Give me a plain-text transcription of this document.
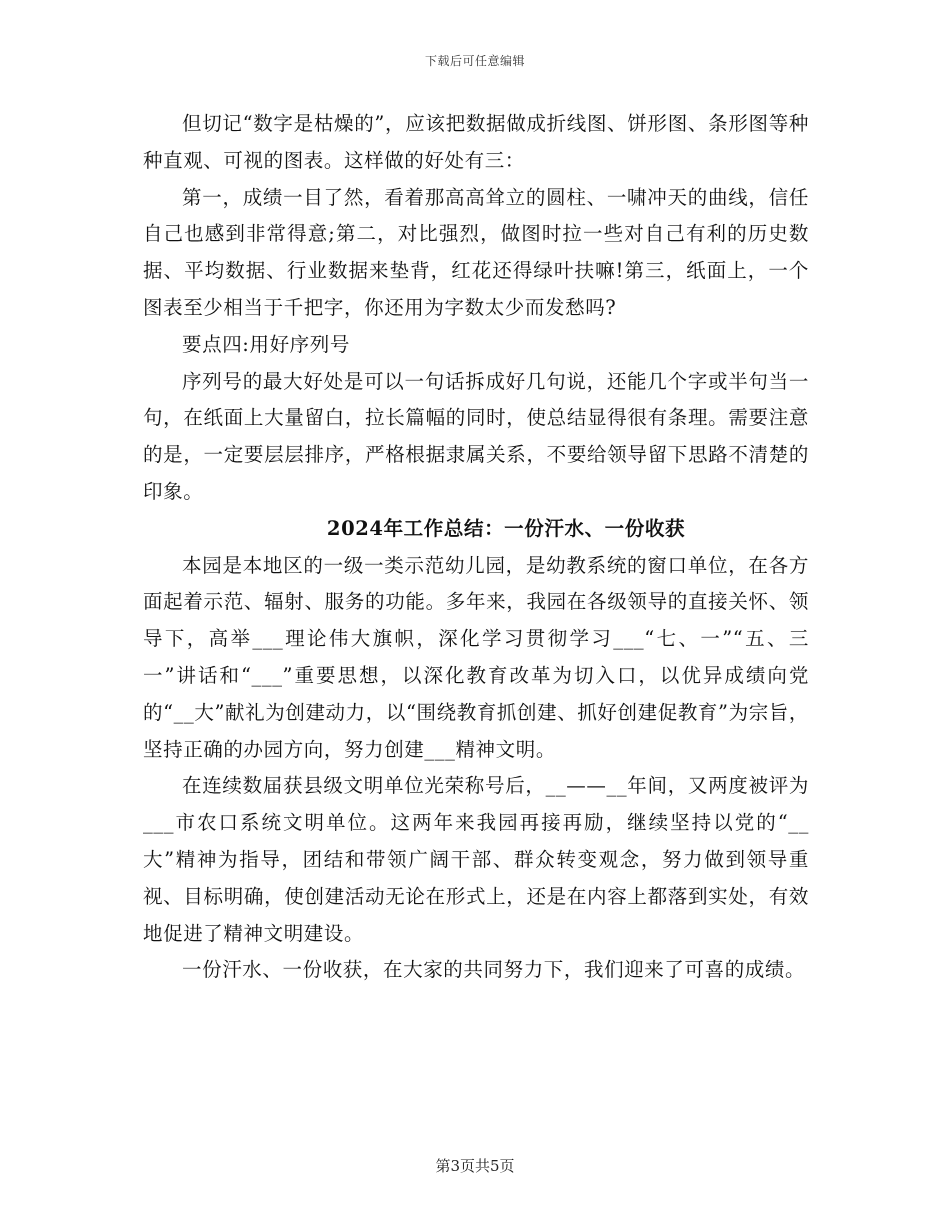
下载后可任意编辑

但切记“数字是枯燥的”，应该把数据做成折线图、饼形图、条形图等种种直观、可视的图表。这样做的好处有三：

第一，成绩一目了然，看着那高高耸立的圆柱、一啸冲天的曲线，信任自己也感到非常得意;第二，对比强烈，做图时拉一些对自己有利的历史数据、平均数据、行业数据来垫背，红花还得绿叶扶嘛!第三，纸面上，一个图表至少相当于千把字，你还用为字数太少而发愁吗?

要点四:用好序列号

序列号的最大好处是可以一句话拆成好几句说，还能几个字或半句当一句，在纸面上大量留白，拉长篇幅的同时，使总结显得很有条理。需要注意的是，一定要层层排序，严格根据隶属关系，不要给领导留下思路不清楚的印象。

2024年工作总结：一份汗水、一份收获

本园是本地区的一级一类示范幼儿园，是幼教系统的窗口单位，在各方面起着示范、辐射、服务的功能。多年来，我园在各级领导的直接关怀、领导下，高举___理论伟大旗帜，深化学习贯彻学习___“七、一”“五、三一”讲话和“___”重要思想，以深化教育改革为切入口，以优异成绩向党的“__大”献礼为创建动力，以“围绕教育抓创建、抓好创建促教育”为宗旨，坚持正确的办园方向，努力创建___精神文明。

在连续数届获县级文明单位光荣称号后，__——__年间，又两度被评为___市农口系统文明单位。这两年来我园再接再励，继续坚持以党的“__大”精神为指导，团结和带领广阔干部、群众转变观念，努力做到领导重视、目标明确，使创建活动无论在形式上，还是在内容上都落到实处，有效地促进了精神文明建设。

一份汗水、一份收获，在大家的共同努力下，我们迎来了可喜的成绩。

第3页共5页
